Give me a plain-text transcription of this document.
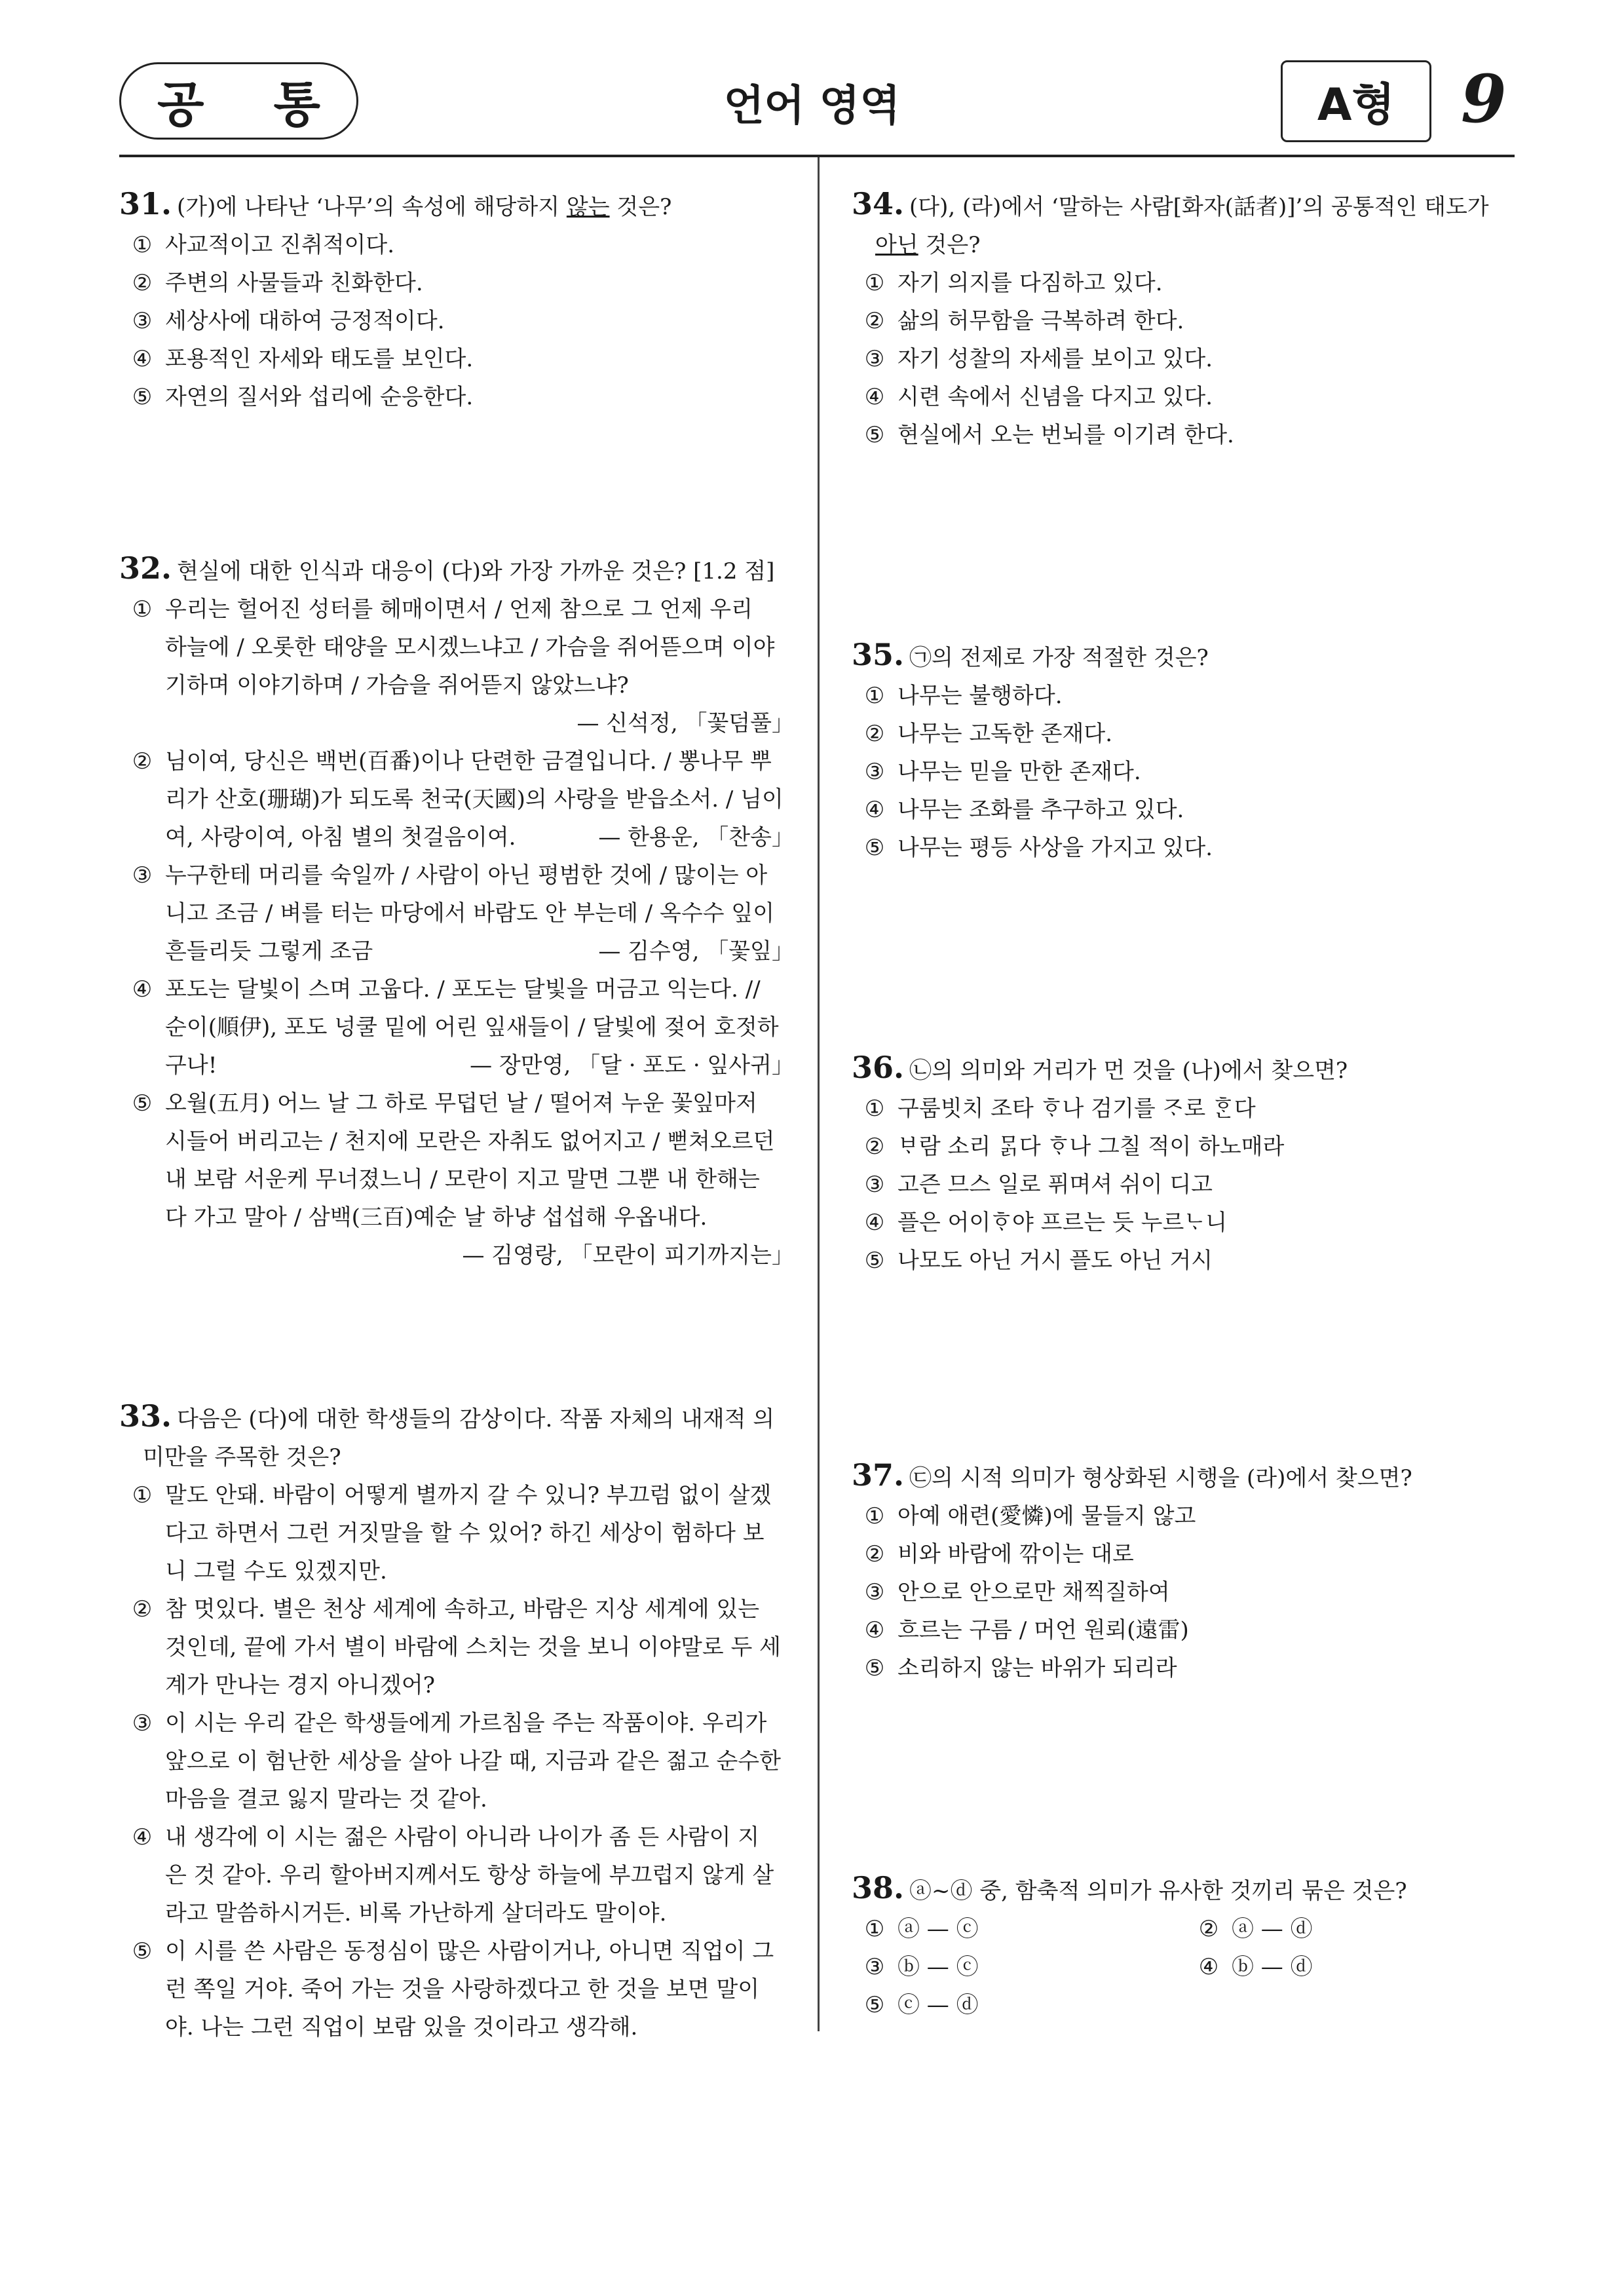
공 통	언어 영역	A형	9

31. (가)에 나타난 ‘나무’의 속성에 해당하지 않는 것은?

① 사교적이고 진취적이다.

② 주변의 사물들과 친화한다.

③ 세상사에 대하여 긍정적이다.

④ 포용적인 자세와 태도를 보인다.

⑤ 자연의 질서와 섭리에 순응한다.

32. 현실에 대한 인식과 대응이 (다)와 가장 가까운 것은? [1.2 점]

① 우리는 헐어진 성터를 헤매이면서 / 언제 참으로 그 언제 우리
하늘에 / 오롯한 태양을 모시겠느냐고 / 가슴을 쥐어뜯으며 이야
기하며 이야기하며 / 가슴을 쥐어뜯지 않았느냐?
— 신석정, 「꽃덤풀」
② 님이여, 당신은 백번(百番)이나 단련한 금결입니다. / 뽕나무 뿌
리가 산호(珊瑚)가 되도록 천국(天國)의 사랑을 받읍소서. / 님이
여, 사랑이여, 아침 별의 첫걸음이여.	— 한용운, 「찬송」
③ 누구한테 머리를 숙일까 / 사람이 아닌 평범한 것에 / 많이는 아
니고 조금 / 벼를 터는 마당에서 바람도 안 부는데 / 옥수수 잎이
흔들리듯 그렇게 조금	— 김수영, 「꽃잎」
④ 포도는 달빛이 스며 고웁다. / 포도는 달빛을 머금고 익는다. //
순이(順伊), 포도 넝쿨 밑에 어린 잎새들이 / 달빛에 젖어 호젓하
구나!	— 장만영, 「달 · 포도 · 잎사귀」
⑤ 오월(五月) 어느 날 그 하로 무덥던 날 / 떨어져 누운 꽃잎마저
시들어 버리고는 / 천지에 모란은 자취도 없어지고 / 뻗쳐오르던
내 보람 서운케 무너졌느니 / 모란이 지고 말면 그뿐 내 한해는
다 가고 말아 / 삼백(三百)예순 날 하냥 섭섭해 우옵내다.
— 김영랑, 「모란이 피기까지는」

33. 다음은 (다)에 대한 학생들의 감상이다. 작품 자체의 내재적 의

미만을 주목한 것은?

① 말도 안돼. 바람이 어떻게 별까지 갈 수 있니? 부끄럼 없이 살겠
다고 하면서 그런 거짓말을 할 수 있어? 하긴 세상이 험하다 보
니 그럴 수도 있겠지만.
② 참 멋있다. 별은 천상 세계에 속하고, 바람은 지상 세계에 있는
것인데, 끝에 가서 별이 바람에 스치는 것을 보니 이야말로 두 세
계가 만나는 경지 아니겠어?
③ 이 시는 우리 같은 학생들에게 가르침을 주는 작품이야. 우리가
앞으로 이 험난한 세상을 살아 나갈 때, 지금과 같은 젊고 순수한
마음을 결코 잃지 말라는 것 같아.
④ 내 생각에 이 시는 젊은 사람이 아니라 나이가 좀 든 사람이 지
은 것 같아. 우리 할아버지께서도 항상 하늘에 부끄럽지 않게 살
라고 말씀하시거든. 비록 가난하게 살더라도 말이야.
⑤ 이 시를 쓴 사람은 동정심이 많은 사람이거나, 아니면 직업이 그
런 쪽일 거야. 죽어 가는 것을 사랑하겠다고 한 것을 보면 말이
야. 나는 그런 직업이 보람 있을 것이라고 생각해.

34. (다), (라)에서 ‘말하는 사람[화자(話者)]’의 공통적인 태도가

아닌 것은?

① 자기 의지를 다짐하고 있다.

② 삶의 허무함을 극복하려 한다.

③ 자기 성찰의 자세를 보이고 있다.

④ 시련 속에서 신념을 다지고 있다.

⑤ 현실에서 오는 번뇌를 이기려 한다.

35. ㉠의 전제로 가장 적절한 것은?

① 나무는 불행하다.

② 나무는 고독한 존재다.

③ 나무는 믿을 만한 존재다.

④ 나무는 조화를 추구하고 있다.

⑤ 나무는 평등 사상을 가지고 있다.

36. ㉡의 의미와 거리가 먼 것을 (나)에서 찾으면?

① 구룸빗치 조타 ᄒᆞ나 검기를 ᄌᆞ로 ᄒᆞᆫ다

② ᄇᆞ람 소리 ᄆᆞᆰ다 ᄒᆞ나 그칠 적이 하노매라

③ 고즌 므스 일로 퓌며셔 쉬이 디고

④ 플은 어이ᄒᆞ야 프르는 듯 누르ᄂᆞ니

⑤ 나모도 아닌 거시 플도 아닌 거시

37. ㉢의 시적 의미가 형상화된 시행을 (라)에서 찾으면?

① 아예 애련(愛憐)에 물들지 않고

② 비와 바람에 깎이는 대로

③ 안으로 안으로만 채찍질하여

④ 흐르는 구름 / 머언 원뢰(遠雷)

⑤ 소리하지 않는 바위가 되리라

38. ⓐ~ⓓ 중, 함축적 의미가 유사한 것끼리 묶은 것은?

① ⓐ — ⓒ	② ⓐ — ⓓ

③ ⓑ — ⓒ	④ ⓑ — ⓓ

⑤ ⓒ — ⓓ
